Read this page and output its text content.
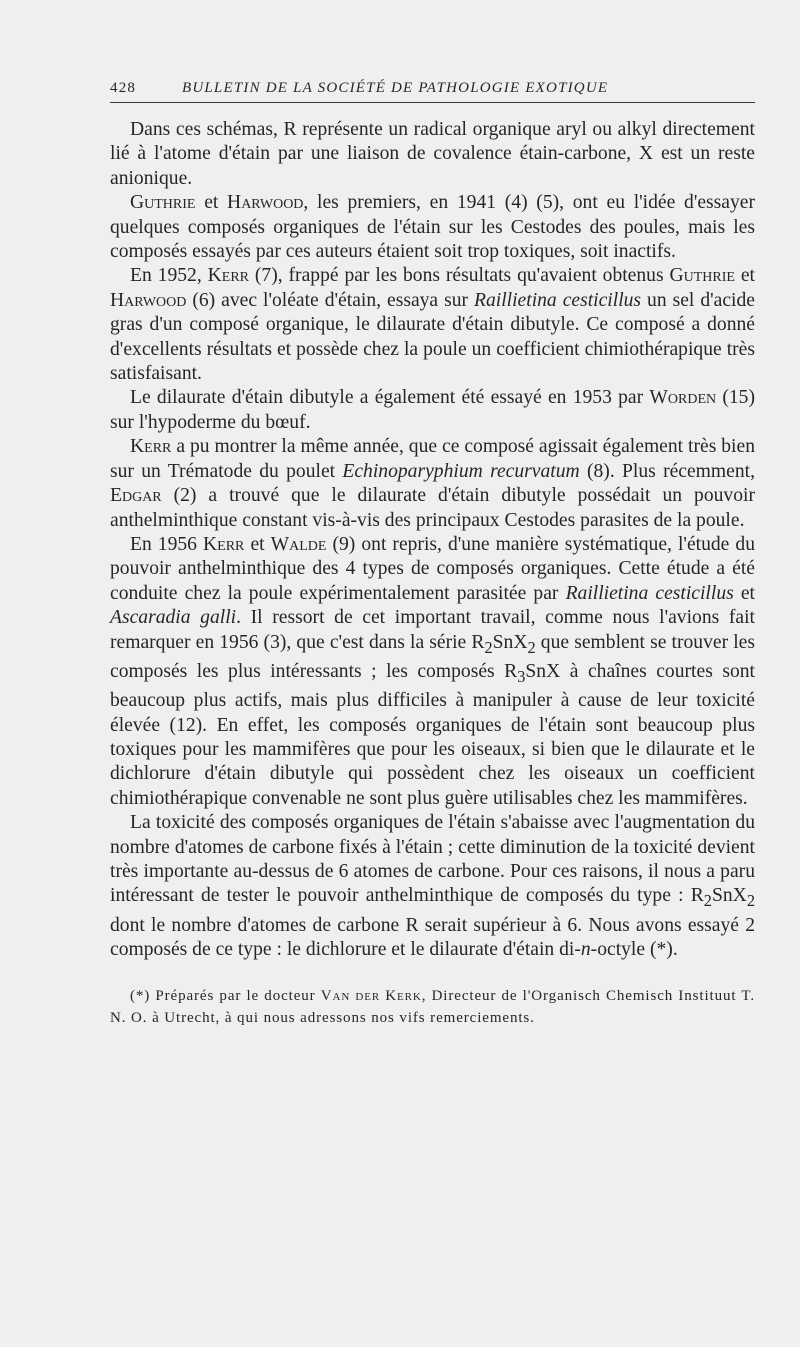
428	BULLETIN DE LA SOCIÉTÉ DE PATHOLOGIE EXOTIQUE

Dans ces schémas, R représente un radical organique aryl ou alkyl directement lié à l'atome d'étain par une liaison de covalence étain-carbone, X est un reste anionique.

Guthrie et Harwood, les premiers, en 1941 (4) (5), ont eu l'idée d'essayer quelques composés organiques de l'étain sur les Cestodes des poules, mais les composés essayés par ces auteurs étaient soit trop toxiques, soit inactifs.

En 1952, Kerr (7), frappé par les bons résultats qu'avaient obtenus Guthrie et Harwood (6) avec l'oléate d'étain, essaya sur Raillietina cesticillus un sel d'acide gras d'un composé organique, le dilaurate d'étain dibutyle. Ce composé a donné d'excellents résultats et possède chez la poule un coefficient chimiothérapique très satisfaisant.

Le dilaurate d'étain dibutyle a également été essayé en 1953 par Worden (15) sur l'hypoderme du bœuf.

Kerr a pu montrer la même année, que ce composé agissait également très bien sur un Trématode du poulet Echinoparyphium recurvatum (8). Plus récemment, Edgar (2) a trouvé que le dilaurate d'étain dibutyle possédait un pouvoir anthelminthique constant vis-à-vis des principaux Cestodes parasites de la poule.

En 1956 Kerr et Walde (9) ont repris, d'une manière systématique, l'étude du pouvoir anthelminthique des 4 types de composés organiques. Cette étude a été conduite chez la poule expérimentalement parasitée par Raillietina cesticillus et Ascaradia galli. Il ressort de cet important travail, comme nous l'avions fait remarquer en 1956 (3), que c'est dans la série $R_2SnX_2$ que semblent se trouver les composés les plus intéressants ; les composés $R_3SnX$ à chaînes courtes sont beaucoup plus actifs, mais plus difficiles à manipuler à cause de leur toxicité élevée (12). En effet, les composés organiques de l'étain sont beaucoup plus toxiques pour les mammifères que pour les oiseaux, si bien que le dilaurate et le dichlorure d'étain dibutyle qui possèdent chez les oiseaux un coefficient chimiothérapique convenable ne sont plus guère utilisables chez les mammifères.

La toxicité des composés organiques de l'étain s'abaisse avec l'augmentation du nombre d'atomes de carbone fixés à l'étain ; cette diminution de la toxicité devient très importante au-dessus de 6 atomes de carbone. Pour ces raisons, il nous a paru intéressant de tester le pouvoir anthelminthique de composés du type : $R_2SnX_2$ dont le nombre d'atomes de carbone R serait supérieur à 6. Nous avons essayé 2 composés de ce type : le dichlorure et le dilaurate d'étain di-n-octyle (*).

(*) Préparés par le docteur Van der Kerk, Directeur de l'Organisch Chemisch Instituut T. N. O. à Utrecht, à qui nous adressons nos vifs remerciements.
